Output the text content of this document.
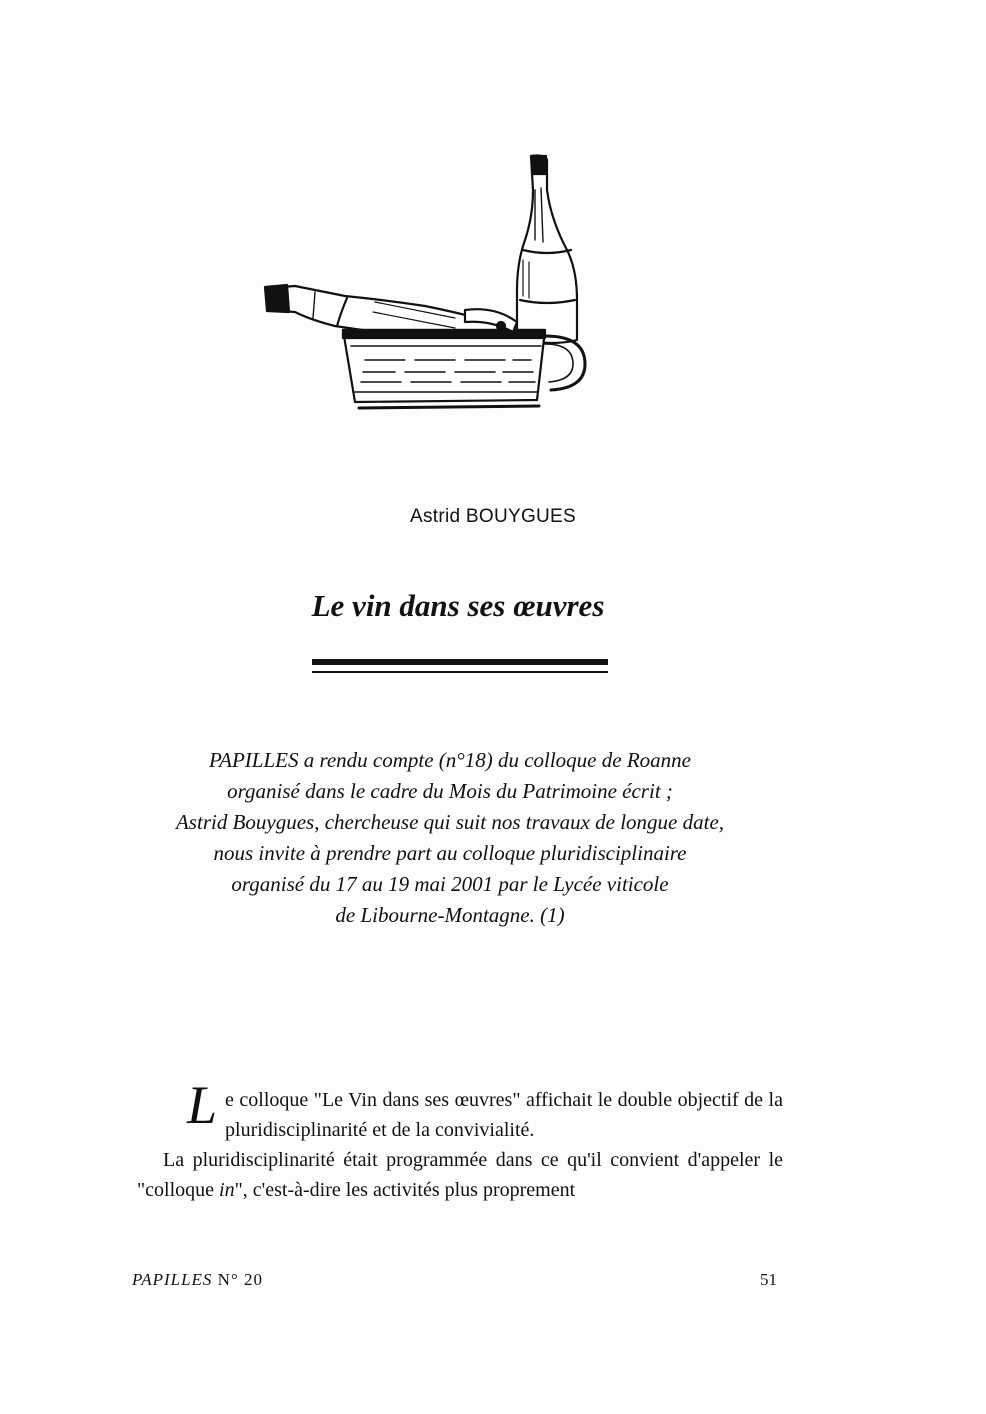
Astrid BOUYGUES
Le vin dans ses œuvres
PAPILLES a rendu compte (n°18) du colloque de Roanne
organisé dans le cadre du Mois du Patrimoine écrit ;
Astrid Bouygues, chercheuse qui suit nos travaux de longue date,
nous invite à prendre part au colloque pluridisciplinaire
organisé du 17 au 19 mai 2001 par le Lycée viticole
de Libourne-Montagne. (1)

Le colloque "Le Vin dans ses œuvres" affichait le double objectif de la pluridisciplinarité et de la convivialité.

La pluridisciplinarité était programmée dans ce qu'il convient d'appeler le "colloque in", c'est-à-dire les activités plus proprement

PAPILLES N° 20	51
